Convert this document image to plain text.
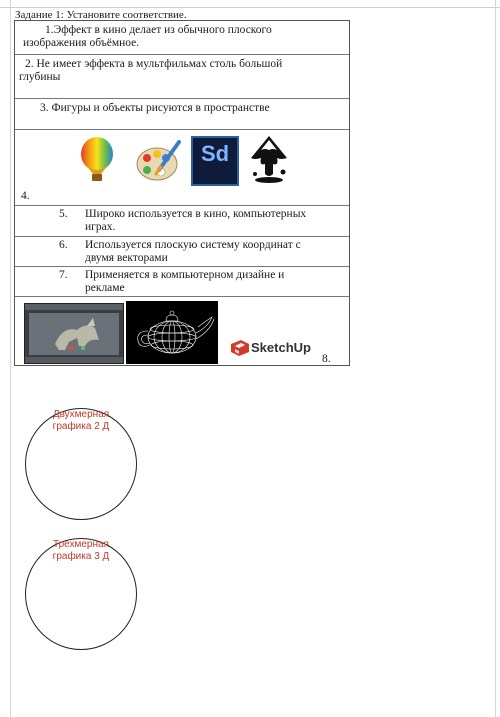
Задание 1: Установите соответствие.
1.Эффект в кино делает из обычного плоского
изображения объёмное.
2. Не имеет эффекта в мультфильмах столь большой
глубины
3. Фигуры и объекты рисуются в пространстве
Sd
4.
5. Широко используется в кино, компьютерных
играх.
6. Используется плоскую систему координат с
двумя векторами
7. Применяется в компьютерном дизайне и
рекламе
SketchUp
8.
Двухмерная
графика 2 Д
Трехмерная
графика 3 Д
